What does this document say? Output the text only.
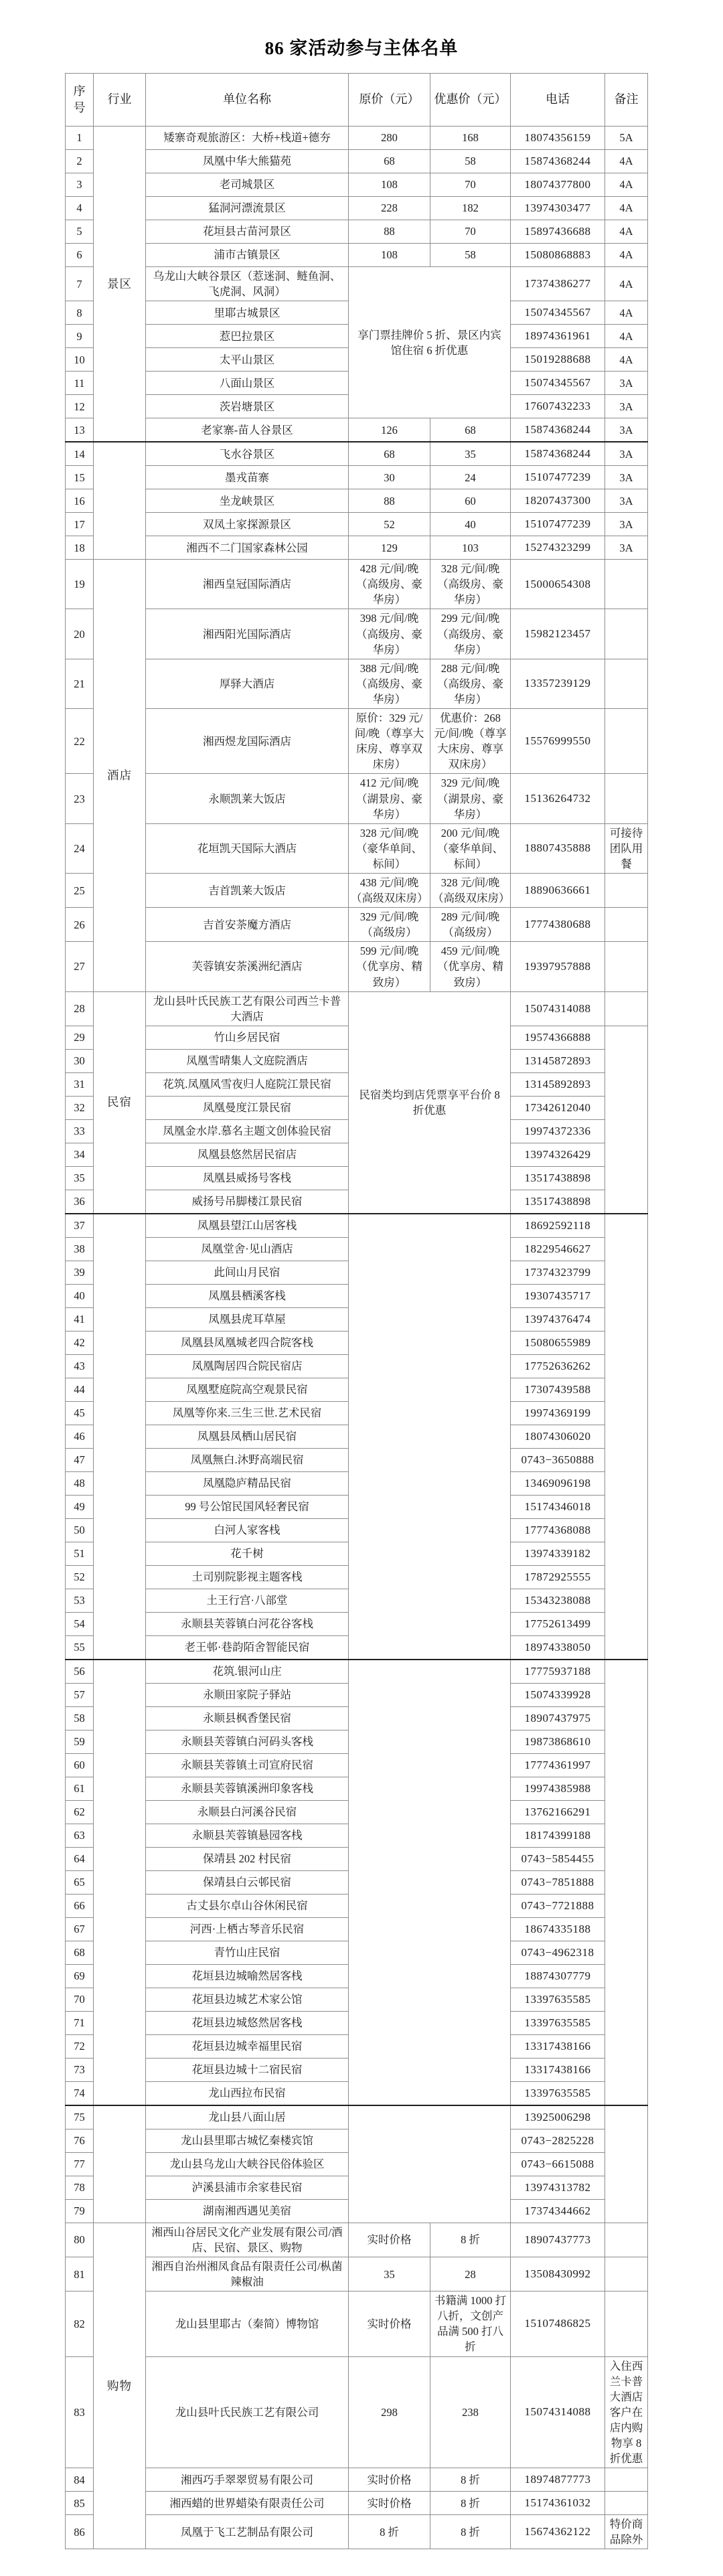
86 家活动参与主体名单
序号	行业	单位名称	原价（元）	优惠价（元）	电话	备注
1	景区	矮寨奇观旅游区：大桥+栈道+德夯	280	168	18074356159	5A
2		凤凰中华大熊猫苑	68	58	15874368244	4A
3		老司城景区	108	70	18074377800	4A
4		猛洞河漂流景区	228	182	13974303477	4A
5		花垣县古苗河景区	88	70	15897436688	4A
6		浦市古镇景区	108	58	15080868883	4A
7		乌龙山大峡谷景区（惹迷洞、鲢鱼洞、飞虎洞、风洞）	享门票挂牌价 5 折、景区内宾馆住宿 6 折优惠		17374386277	4A
8		里耶古城景区			15074345567	4A
9		惹巴拉景区			18974361961	4A
10		太平山景区			15019288688	4A
11		八面山景区			15074345567	3A
12		茨岩塘景区			17607432233	3A
13		老家寨-苗人谷景区	126	68	15874368244	3A
14		飞水谷景区	68	35	15874368244	3A
15		墨戎苗寨	30	24	15107477239	3A
16		坐龙峡景区	88	60	18207437300	3A
17		双凤土家探源景区	52	40	15107477239	3A
18		湘西不二门国家森林公园	129	103	15274323299	3A
19	酒店	湘西皇冠国际酒店	428 元/间/晚（高级房、豪华房）	328 元/间/晚（高级房、豪华房）	15000654308	
20		湘西阳光国际酒店	398 元/间/晚（高级房、豪华房）	299 元/间/晚（高级房、豪华房）	15982123457	
21		厚驿大酒店	388 元/间/晚（高级房、豪华房）	288 元/间/晚（高级房、豪华房）	13357239129	
22		湘西煜龙国际酒店	原价：329 元/间/晚（尊享大床房、尊享双床房）	优惠价：268 元/间/晚（尊享大床房、尊享双床房）	15576999550	
23		永顺凯莱大饭店	412 元/间/晚（湖景房、豪华房）	329 元/间/晚（湖景房、豪华房）	15136264732	
24		花垣凯天国际大酒店	328 元/间/晚（豪华单间、标间）	200 元/间/晚（豪华单间、标间）	18807435888	可接待团队用餐
25		吉首凯莱大饭店	438 元/间/晚（高级双床房）	328 元/间/晚（高级双床房）	18890636661	
26		吉首安荼魔方酒店	329 元/间/晚（高级房）	289 元/间/晚（高级房）	17774380688	
27		芙蓉镇安荼溪洲纪酒店	599 元/间/晚（优享房、精致房）	459 元/间/晚（优享房、精致房）	19397957888	
28	民宿	龙山县叶氏民族工艺有限公司西兰卡普大酒店	民宿类均到店凭票享平台价 8 折优惠		15074314088	
29		竹山乡居民宿			19574366888	
30		凤凰雪晴集人文庭院酒店			13145872893	
31		花筑.凤凰风雪夜归人庭院江景民宿			13145892893	
32		凤凰曼度江景民宿			17342612040	
33		凤凰金水岸.慕名主题文创体验民宿			19974372336	
34		凤凰县悠然居民宿店			13974326429	
35		凤凰县威扬号客栈			13517438898	
36		威扬号吊脚楼江景民宿			13517438898	
37		凤凰县望江山居客栈			18692592118	
38		凤凰堂舍·见山酒店			18229546627	
39		此间山月民宿			17374323799	
40		凤凰县栖溪客栈			19307435717	
41		凤凰县虎耳草屋			13974376474	
42		凤凰县凤凰城老四合院客栈			15080655989	
43		凤凰陶居四合院民宿店			17752636262	
44		凤凰墅庭院高空观景民宿			17307439588	
45		凤凰等你来.三生三世.艺术民宿			19974369199	
46		凤凰县凤栖山居民宿			18074306020	
47		凤凰無白.沐野高端民宿			0743−3650888	
48		凤凰隐庐精品民宿			13469096198	
49		99 号公馆民国风轻奢民宿			15174346018	
50		白河人家客栈			17774368088	
51		花千树			13974339182	
52		土司别院影视主题客栈			17872925555	
53		土王行宫·八部堂			15343238088	
54		永顺县芙蓉镇白河花谷客栈			17752613499	
55		老王邨·巷韵陌舍智能民宿			18974338050	
56		花筑.银河山庄			17775937188	
57		永顺田家院子驿站			15074339928	
58		永顺县枫香堡民宿			18907437975	
59		永顺县芙蓉镇白河码头客栈			19873868610	
60		永顺县芙蓉镇土司宣府民宿			17774361997	
61		永顺县芙蓉镇溪洲印象客栈			19974385988	
62		永顺县白河溪谷民宿			13762166291	
63		永顺县芙蓉镇悬园客栈			18174399188	
64		保靖县 202 村民宿			0743−5854455	
65		保靖县白云邨民宿			0743−7851888	
66		古丈县尔卓山谷休闲民宿			0743−7721888	
67		河西·上栖古琴音乐民宿			18674335188	
68		青竹山庄民宿			0743−4962318	
69		花垣县边城喻然居客栈			18874307779	
70		花垣县边城艺术家公馆			13397635585	
71		花垣县边城悠然居客栈			13397635585	
72		花垣县边城幸福里民宿			13317438166	
73		花垣县边城十二宿民宿			13317438166	
74		龙山西拉布民宿			13397635585	
75		龙山县八面山居			13925006298	
76		龙山县里耶古城忆秦楼宾馆			0743−2825228	
77		龙山县乌龙山大峡谷民俗体验区			0743−6615088	
78		泸溪县浦市余家巷民宿			13974313782	
79		湖南湘西遇见美宿			17374344662	
80	购物	湘西山谷居民文化产业发展有限公司/酒店、民宿、景区、购物	实时价格	8 折	18907437773	
81		湘西自治州湘凤食品有限责任公司/枞菌辣椒油	35	28	13508430992	
82		龙山县里耶古（秦简）博物馆	实时价格	书籍满 1000 打八折，文创产品满 500 打八折	15107486825	
83		龙山县叶氏民族工艺有限公司	298	238	15074314088	入住西兰卡普大酒店客户在店内购物享 8 折优惠
84		湘西巧手翠翠贸易有限公司	实时价格	8 折	18974877773	
85		湘西蜡的世界蜡染有限责任公司	实时价格	8 折	15174361032	
86		凤凰于飞工艺制品有限公司	8 折	8 折	15674362122	特价商品除外
